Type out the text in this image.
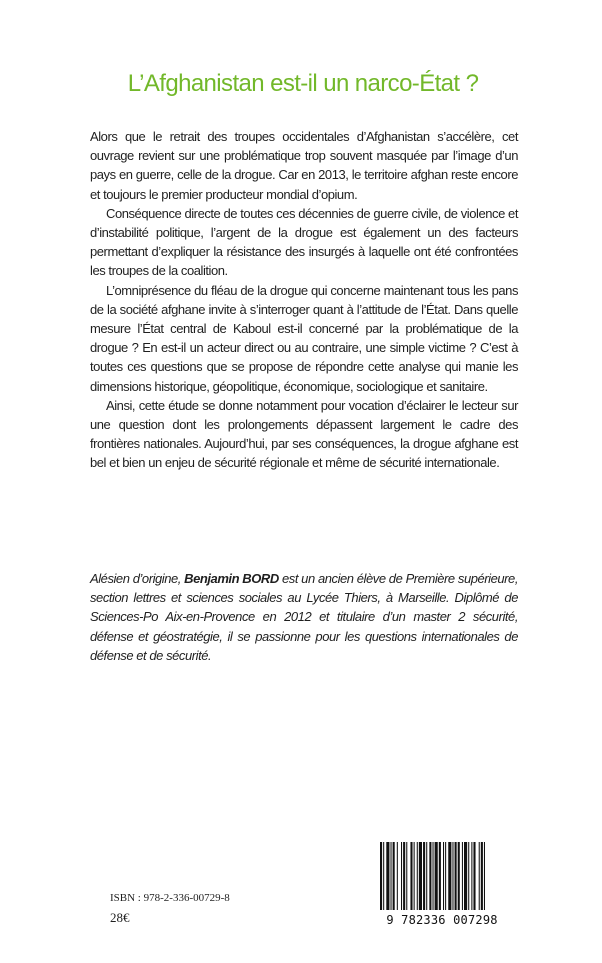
L’Afghanistan est-il un narco-État ?

Alors que le retrait des troupes occidentales d’Afghanistan s’accélère, cet ouvrage revient sur une problématique trop souvent masquée par l’image d’un pays en guerre, celle de la drogue. Car en 2013, le territoire afghan reste encore et toujours le premier producteur mondial d’opium.

Conséquence directe de toutes ces décennies de guerre civile, de violence et d’instabilité politique, l’argent de la drogue est également un des facteurs permettant d’expliquer la résistance des insurgés à laquelle ont été confrontées les troupes de la coalition.

L’omniprésence du fléau de la drogue qui concerne maintenant tous les pans de la société afghane invite à s’interroger quant à l’attitude de l’État. Dans quelle mesure l’État central de Kaboul est-il concerné par la problématique de la drogue ? En est-il un acteur direct ou au contraire, une simple victime ? C’est à toutes ces questions que se propose de répondre cette analyse qui manie les dimensions historique, géopolitique, économique, sociologique et sanitaire.

Ainsi, cette étude se donne notamment pour vocation d’éclairer le lecteur sur une question dont les prolongements dépassent largement le cadre des frontières nationales. Aujourd’hui, par ses conséquences, la drogue afghane est bel et bien un enjeu de sécurité régionale et même de sécurité internationale.

Alésien d’origine, Benjamin BORD est un ancien élève de Première supérieure, section lettres et sciences sociales au Lycée Thiers, à Marseille. Diplômé de Sciences-Po Aix-en-Provence en 2012 et titulaire d’un master 2 sécurité, défense et géostratégie, il se passionne pour les questions internationales de défense et de sécurité.

ISBN : 978-2-336-00729-8
28€	9 782336 007298
